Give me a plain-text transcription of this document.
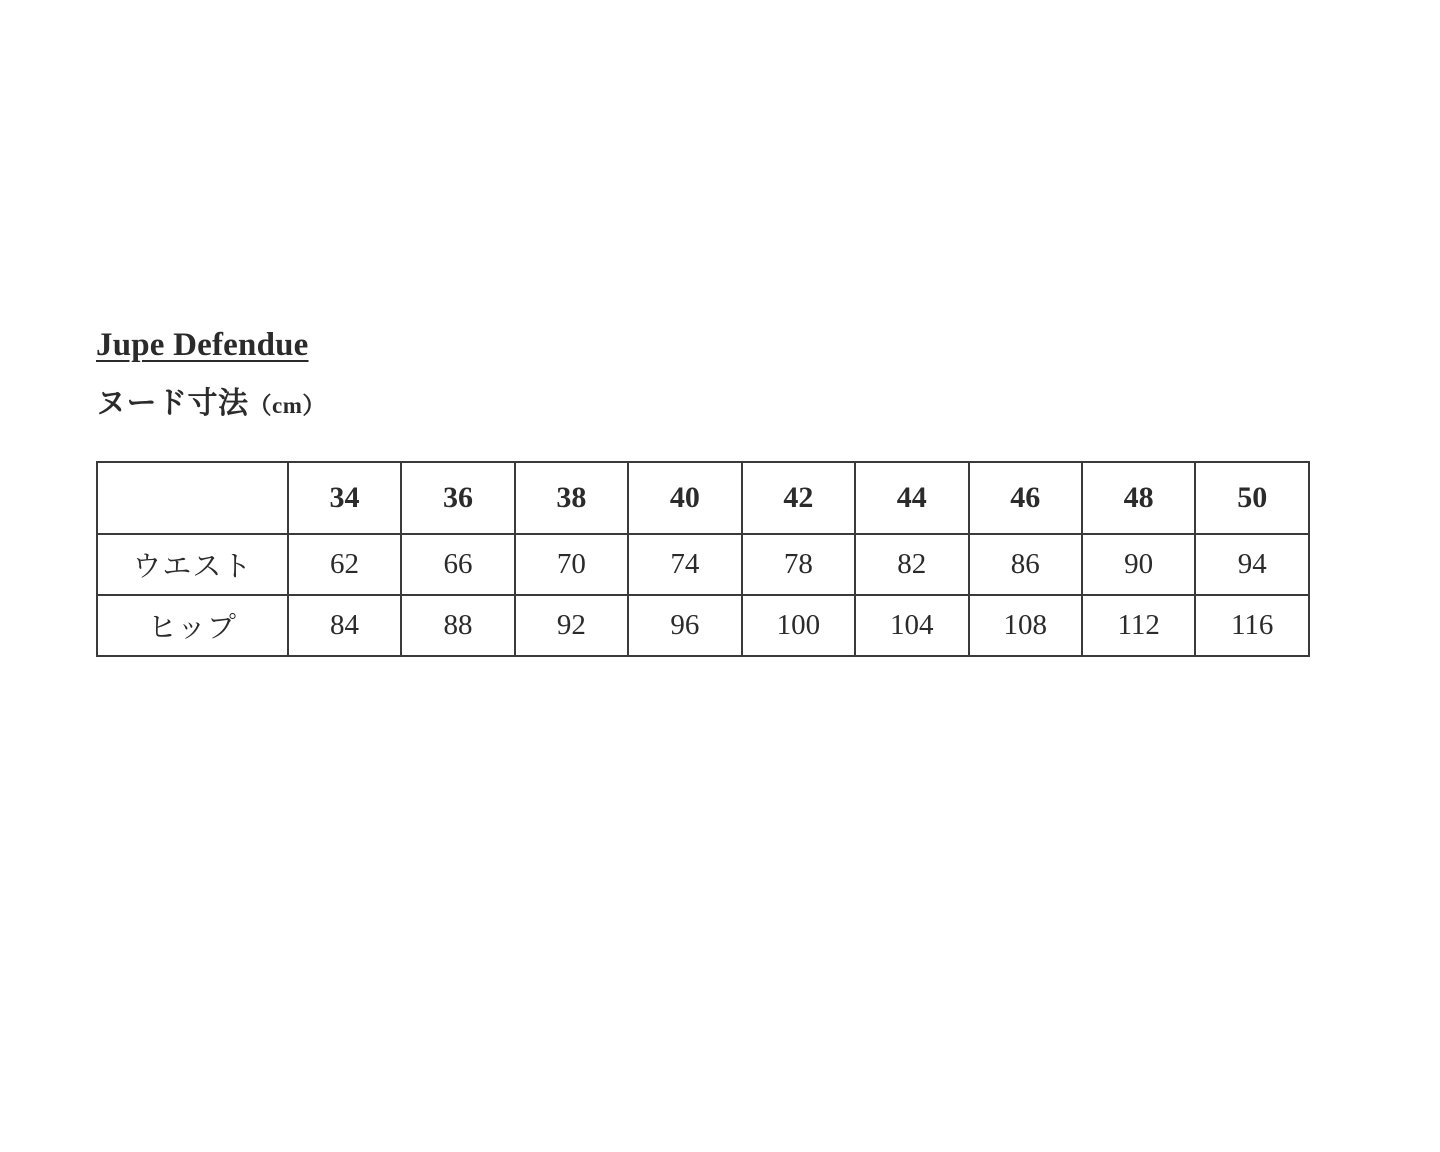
Jupe Defendue
ヌード寸法（cm）
	34	36	38	40	42	44	46	48	50
ウエスト	62	66	70	74	78	82	86	90	94
ヒップ	84	88	92	96	100	104	108	112	116
